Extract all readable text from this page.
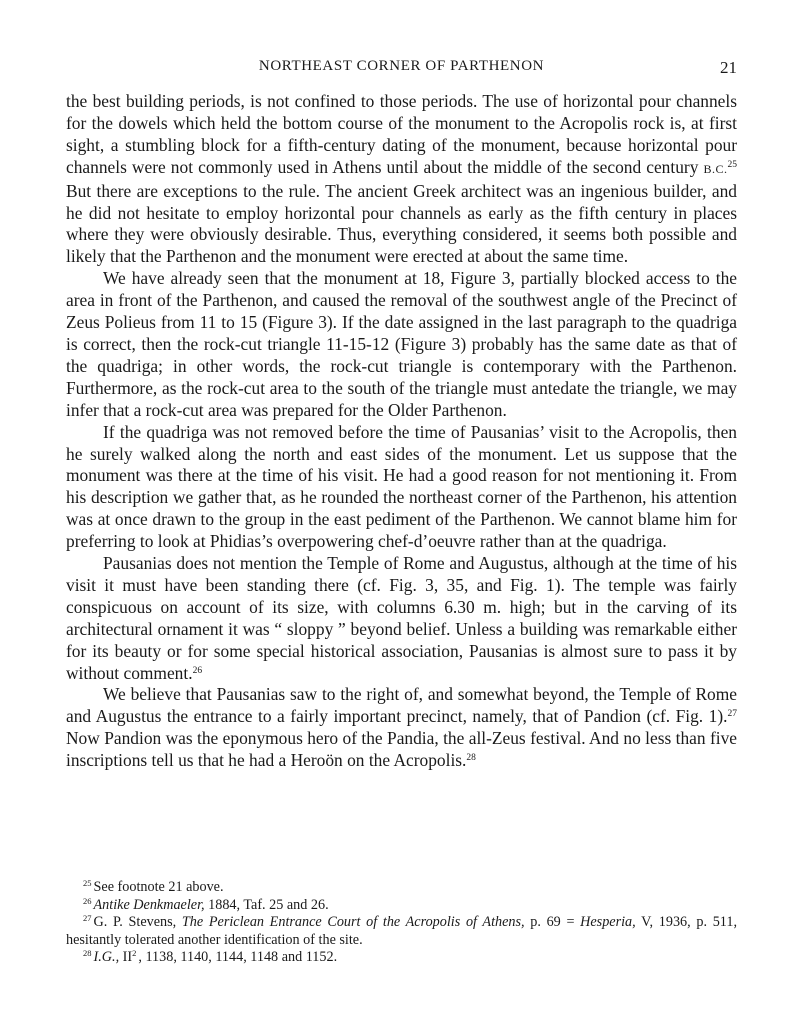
NORTHEAST CORNER OF PARTHENON	21

the best building periods, is not confined to those periods. The use of horizontal pour channels for the dowels which held the bottom course of the monument to the Acropolis rock is, at first sight, a stumbling block for a fifth-century dating of the monument, because horizontal pour channels were not commonly used in Athens until about the middle of the second century B.C.$^{25}$ But there are exceptions to the rule. The ancient Greek architect was an ingenious builder, and he did not hesitate to employ horizontal pour channels as early as the fifth century in places where they were obviously desirable. Thus, everything considered, it seems both possible and likely that the Parthenon and the monument were erected at about the same time.

We have already seen that the monument at 18, Figure 3, partially blocked access to the area in front of the Parthenon, and caused the removal of the southwest angle of the Precinct of Zeus Polieus from 11 to 15 (Figure 3). If the date assigned in the last paragraph to the quadriga is correct, then the rock-cut triangle 11-15-12 (Figure 3) probably has the same date as that of the quadriga; in other words, the rock-cut triangle is contemporary with the Parthenon. Furthermore, as the rock-cut area to the south of the triangle must antedate the triangle, we may infer that a rock-cut area was prepared for the Older Parthenon.

If the quadriga was not removed before the time of Pausanias’ visit to the Acropolis, then he surely walked along the north and east sides of the monument. Let us suppose that the monument was there at the time of his visit. He had a good reason for not mentioning it. From his description we gather that, as he rounded the northeast corner of the Parthenon, his attention was at once drawn to the group in the east pediment of the Parthenon. We cannot blame him for preferring to look at Phidias’s overpowering chef-d’oeuvre rather than at the quadriga.

Pausanias does not mention the Temple of Rome and Augustus, although at the time of his visit it must have been standing there (cf. Fig. 3, 35, and Fig. 1). The temple was fairly conspicuous on account of its size, with columns 6.30 m. high; but in the carving of its architectural ornament it was “ sloppy ” beyond belief. Unless a building was remarkable either for its beauty or for some special historical association, Pausanias is almost sure to pass it by without comment.$^{26}$

We believe that Pausanias saw to the right of, and somewhat beyond, the Temple of Rome and Augustus the entrance to a fairly important precinct, namely, that of Pandion (cf. Fig. 1).$^{27}$ Now Pandion was the eponymous hero of the Pandia, the all-Zeus festival. And no less than five inscriptions tell us that he had a Heroön on the Acropolis.$^{28}$

$^{25}$ See footnote 21 above.

$^{26}$ Antike Denkmaeler, 1884, Taf. 25 and 26.

$^{27}$ G. P. Stevens, The Periclean Entrance Court of the Acropolis of Athens, p. 69 = Hesperia, V, 1936, p. 511, hesitantly tolerated another identification of the site.

$^{28}$ I.G., $II^2$ , 1138, 1140, 1144, 1148 and 1152.
